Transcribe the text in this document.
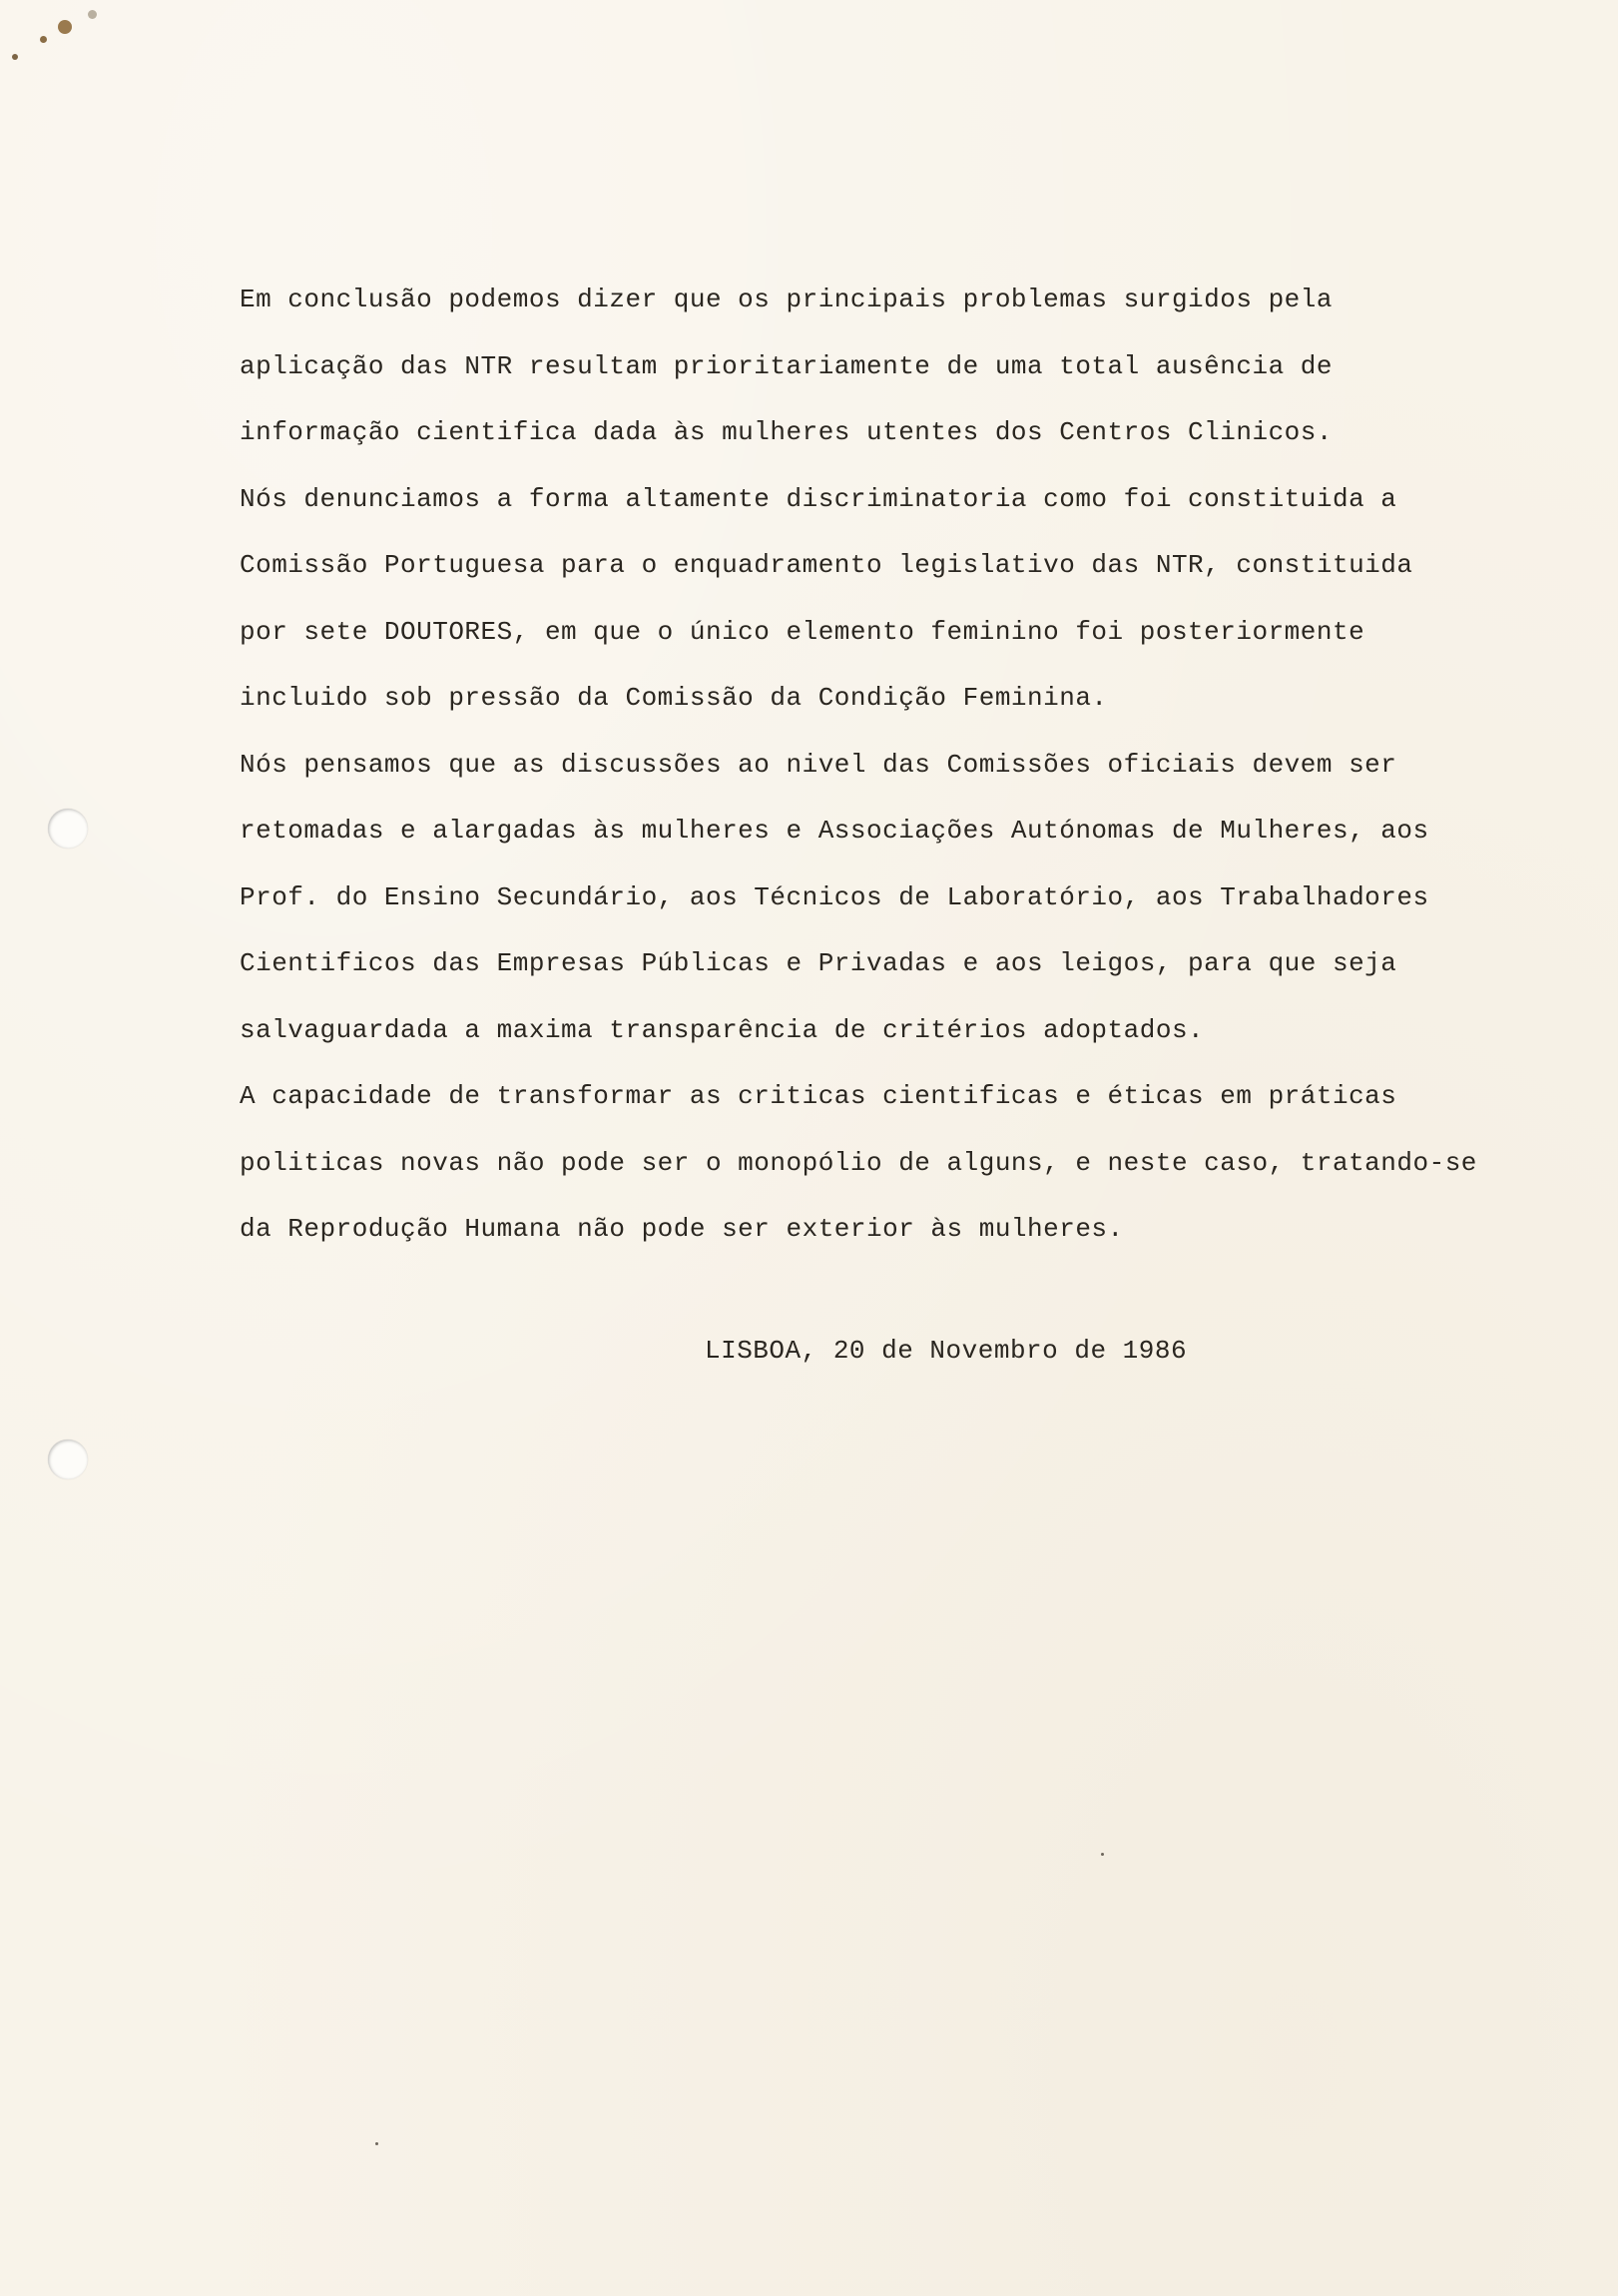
Em conclusão podemos dizer que os principais problemas surgidos pela
aplicação das NTR resultam prioritariamente de uma total ausência de
informação cientifica dada às mulheres utentes dos Centros Clinicos.
Nós denunciamos a forma altamente discriminatoria como foi constituida a
Comissão Portuguesa para o enquadramento legislativo das NTR, constituida
por sete DOUTORES, em que o único elemento feminino foi posteriormente
incluido sob pressão da Comissão da Condição Feminina.
Nós pensamos que as discussões ao nivel das Comissões oficiais devem ser
retomadas e alargadas às mulheres e Associações Autónomas de Mulheres, aos
Prof. do Ensino Secundário, aos Técnicos de Laboratório, aos Trabalhadores
Cientificos das Empresas Públicas e Privadas e aos leigos, para que seja
salvaguardada a maxima transparência de critérios adoptados.
A capacidade de transformar as criticas cientificas e éticas em práticas
politicas novas não pode ser o monopólio de alguns, e neste caso, tratando-se
da Reprodução Humana não pode ser exterior às mulheres.
LISBOA, 20 de Novembro de 1986
